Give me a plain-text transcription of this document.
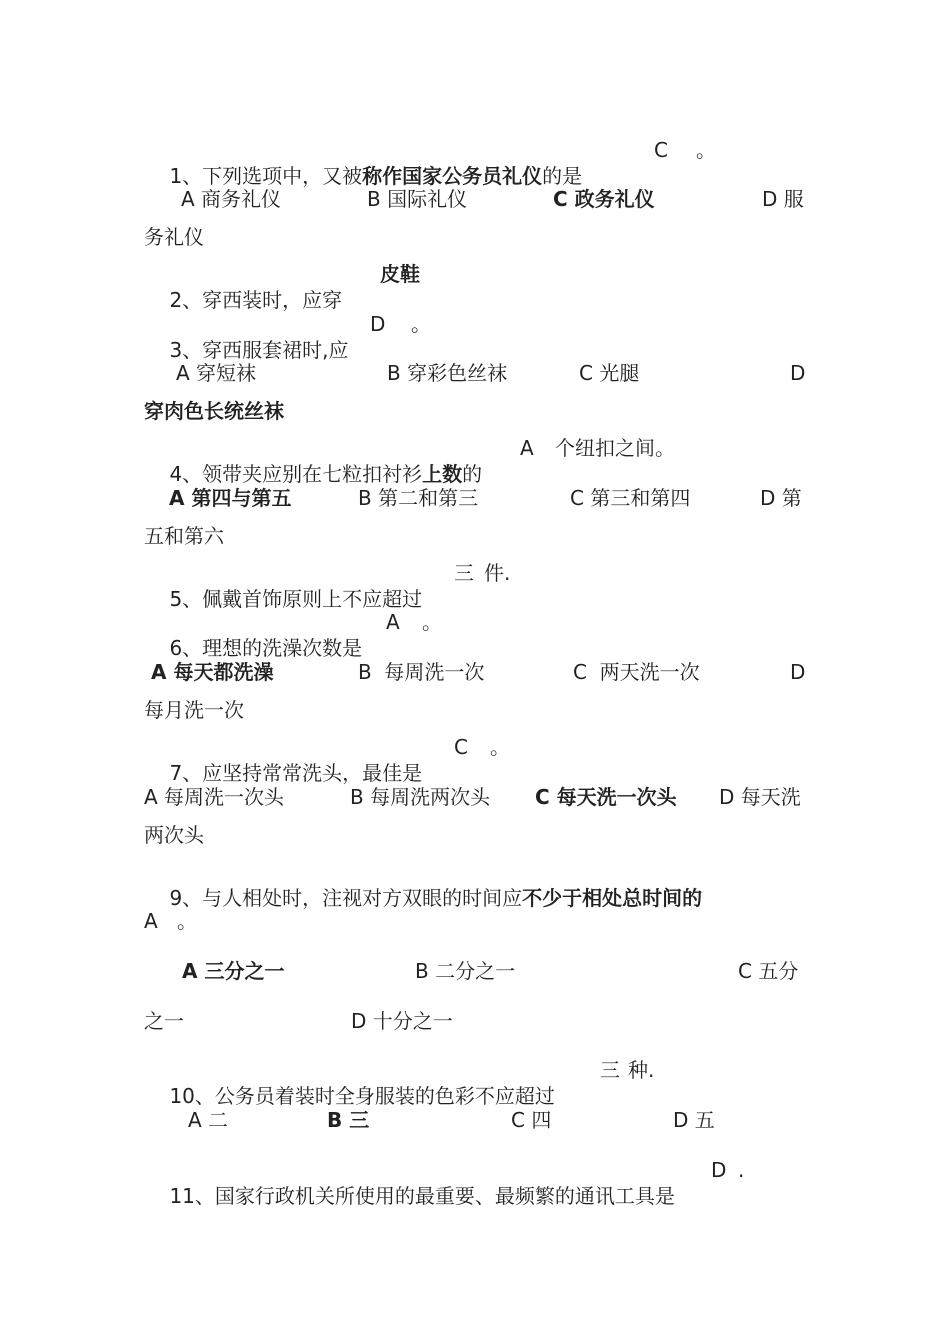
1、下列选项中，又被称作国家公务员礼仪的是

C 。
A 商务礼仪	B 国际礼仪	C 政务礼仪	D 服
务礼仪

2、穿西装时，应穿

皮鞋

3、穿西服套裙时,应

D 。
A 穿短袜	B 穿彩色丝袜	C 光腿	D
穿肉色长统丝袜

4、领带夹应别在七粒扣衬衫上数的

A 个纽扣之间。
A 第四与第五	B 第二和第三	C 第三和第四	D 第
五和第六

5、佩戴首饰原则上不应超过

三 件.

6、理想的洗澡次数是

A 。
A 每天都洗澡	B  每周洗一次	C  两天洗一次	D
每月洗一次

7、应坚持常常洗头，最佳是

C 。
A 每周洗一次头	B 每周洗两次头 C 每天洗一次头 D 每天洗
两次头

9、与人相处时，注视对方双眼的时间应不少于相处总时间的

A 。
A 三分之一	B 二分之一	C 五分
之一	D 十分之一

10、公务员着装时全身服装的色彩不应超过

三 种.
A 二	B 三	C 四	D 五

11、国家行政机关所使用的最重要、最频繁的通讯工具是

D .
